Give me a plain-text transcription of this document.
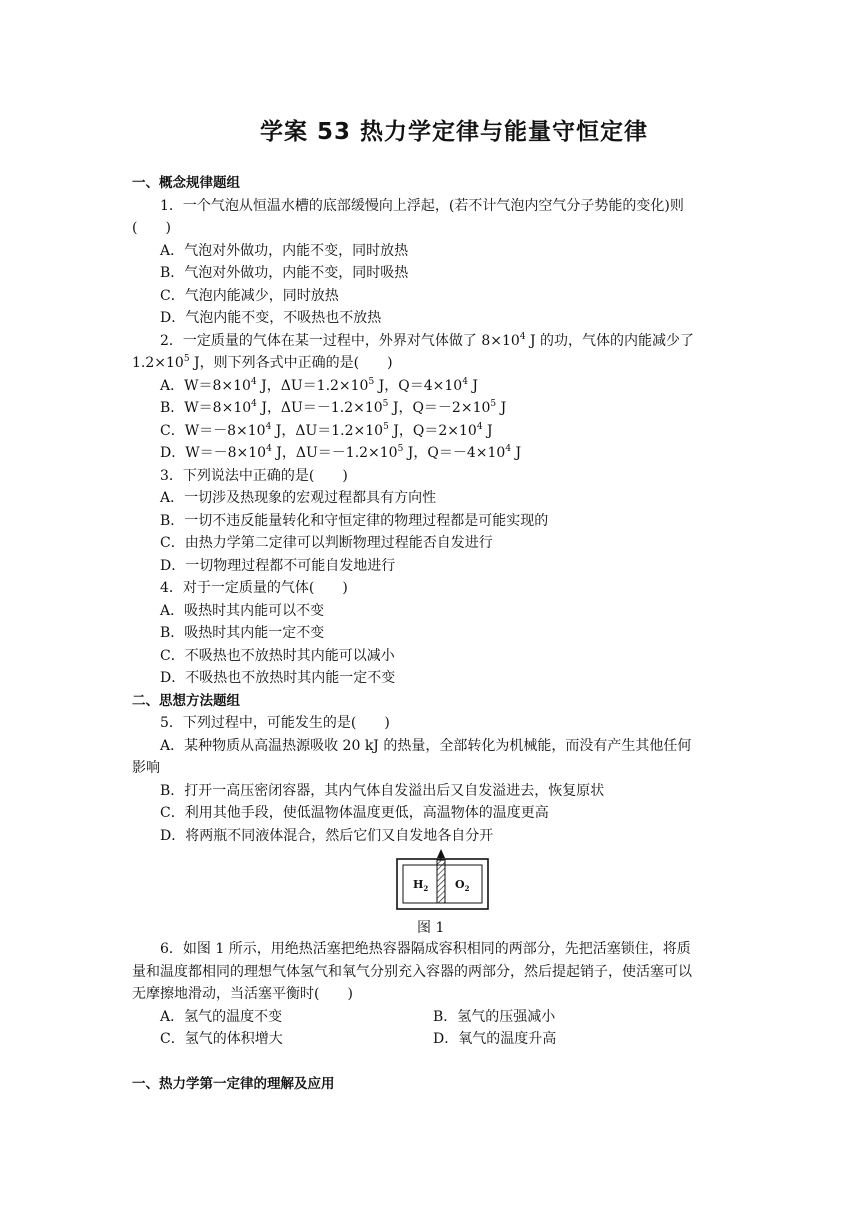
学案 53 热力学定律与能量守恒定律
一、概念规律题组
1．一个气泡从恒温水槽的底部缓慢向上浮起，(若不计气泡内空气分子势能的变化)则
(　　)
A．气泡对外做功，内能不变，同时放热
B．气泡对外做功，内能不变，同时吸热
C．气泡内能减少，同时放热
D．气泡内能不变，不吸热也不放热
2．一定质量的气体在某一过程中，外界对气体做了 $8\times 10^4$ J 的功，气体的内能减少了
$1.2\times 10^5$ J，则下列各式中正确的是(　　)
A．$W=8\times 10^4$ J，$\Delta U=1.2\times 10^5$ J，$Q=4\times 10^4$ J
B．$W=8\times 10^4$ J，$\Delta U=-1.2\times 10^5$ J，$Q=-2\times 10^5$ J
C．$W=-8\times 10^4$ J，$\Delta U=1.2\times 10^5$ J，$Q=2\times 10^4$ J
D．$W=-8\times 10^4$ J，$\Delta U=-1.2\times 10^5$ J，$Q=-4\times 10^4$ J
3．下列说法中正确的是(　　)
A．一切涉及热现象的宏观过程都具有方向性
B．一切不违反能量转化和守恒定律的物理过程都是可能实现的
C．由热力学第二定律可以判断物理过程能否自发进行
D．一切物理过程都不可能自发地进行
4．对于一定质量的气体(　　)
A．吸热时其内能可以不变
B．吸热时其内能一定不变
C．不吸热也不放热时其内能可以减小
D．不吸热也不放热时其内能一定不变
二、思想方法题组
5．下列过程中，可能发生的是(　　)
A．某种物质从高温热源吸收 20 kJ 的热量，全部转化为机械能，而没有产生其他任何
影响
B．打开一高压密闭容器，其内气体自发溢出后又自发溢进去，恢复原状
C．利用其他手段，使低温物体温度更低，高温物体的温度更高
D．将两瓶不同液体混合，然后它们又自发地各自分开
$H_2$ $O_2$
图 1
6．如图 1 所示，用绝热活塞把绝热容器隔成容积相同的两部分，先把活塞锁住，将质
量和温度都相同的理想气体氢气和氧气分别充入容器的两部分，然后提起销子，使活塞可以
无摩擦地滑动，当活塞平衡时(　　)
A．氢气的温度不变	B．氢气的压强减小
C．氢气的体积增大	D．氧气的温度升高
一、热力学第一定律的理解及应用
